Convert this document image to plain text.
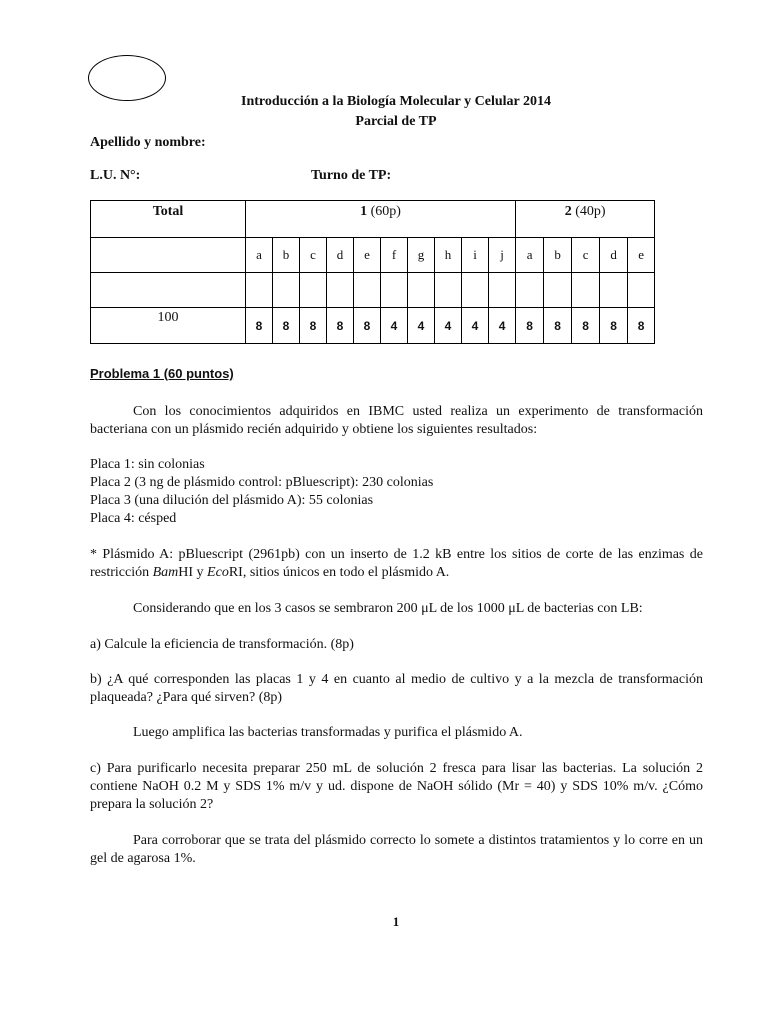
Introducción a la Biología Molecular y Celular 2014
Parcial de TP
Apellido y nombre:
L.U. N°:	Turno de TP:
Total	1 (60p)										2 (40p)				
	a	b	c	d	e	f	g	h	i	j	a	b	c	d	e

100	8	8	8	8	8	4	4	4	4	4	8	8	8	8	8
Problema 1 (60 puntos)
Con los conocimientos adquiridos en IBMC usted realiza un experimento de transformación bacteriana con un plásmido recién adquirido y obtiene los siguientes resultados:
Placa 1: sin colonias
Placa 2 (3 ng de plásmido control: pBluescript): 230 colonias
Placa 3 (una dilución del plásmido A): 55 colonias
Placa 4: césped
* Plásmido A: pBluescript (2961pb) con un inserto de 1.2 kB entre los sitios de corte de las enzimas de restricción BamHI y EcoRI, sitios únicos en todo el plásmido A.
Considerando que en los 3 casos se sembraron 200 μL de los 1000 μL de bacterias con LB:
a) Calcule la eficiencia de transformación. (8p)
b) ¿A qué corresponden las placas 1 y 4 en cuanto al medio de cultivo y a la mezcla de transformación plaqueada? ¿Para qué sirven? (8p)
Luego amplifica las bacterias transformadas y purifica el plásmido A.
c) Para purificarlo necesita preparar 250 mL de solución 2 fresca para lisar las bacterias. La solución 2 contiene NaOH 0.2 M y SDS 1% m/v y ud. dispone de NaOH sólido (Mr = 40) y SDS 10% m/v. ¿Cómo prepara la solución 2?
Para corroborar que se trata del plásmido correcto lo somete a distintos tratamientos y lo corre en un gel de agarosa 1%.
1
